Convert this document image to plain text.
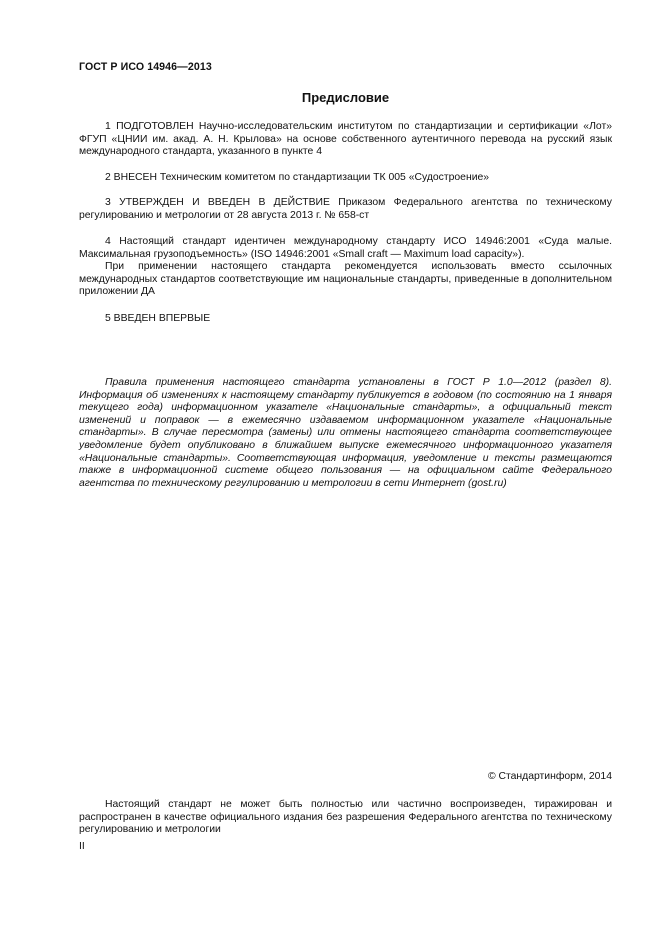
ГОСТ Р ИСО 14946—2013
Предисловие

1 ПОДГОТОВЛЕН Научно-исследовательским институтом по стандартизации и сертификации «Лот» ФГУП «ЦНИИ им. акад. А. Н. Крылова» на основе собственного аутентичного перевода на русский язык международного стандарта, указанного в пункте 4

2 ВНЕСЕН Техническим комитетом по стандартизации ТК 005 «Судостроение»

3 УТВЕРЖДЕН И ВВЕДЕН В ДЕЙСТВИЕ Приказом Федерального агентства по техническому регулированию и метрологии от 28 августа 2013 г. № 658-ст

4 Настоящий стандарт идентичен международному стандарту ИСО 14946:2001 «Суда малые. Максимальная грузоподъемность» (ISO 14946:2001 «Small craft — Maximum load capacity»).

При применении настоящего стандарта рекомендуется использовать вместо ссылочных международных стандартов соответствующие им национальные стандарты, приведенные в дополнительном приложении ДА

5 ВВЕДЕН ВПЕРВЫЕ

Правила применения настоящего стандарта установлены в ГОСТ Р 1.0—2012 (раздел 8). Информация об изменениях к настоящему стандарту публикуется в годовом (по состоянию на 1 января текущего года) информационном указателе «Национальные стандарты», а официальный текст изменений и поправок — в ежемесячно издаваемом информационном указателе «Национальные стандарты». В случае пересмотра (замены) или отмены настоящего стандарта соответствующее уведомление будет опубликовано в ближайшем выпуске ежемесячного информационного указателя «Национальные стандарты». Соответствующая информация, уведомление и тексты размещаются также в информационной системе общего пользования — на официальном сайте Федерального агентства по техническому регулированию и метрологии в сети Интернет (gost.ru)

© Стандартинформ, 2014

Настоящий стандарт не может быть полностью или частично воспроизведен, тиражирован и распространен в качестве официального издания без разрешения Федерального агентства по техническому регулированию и метрологии

II
